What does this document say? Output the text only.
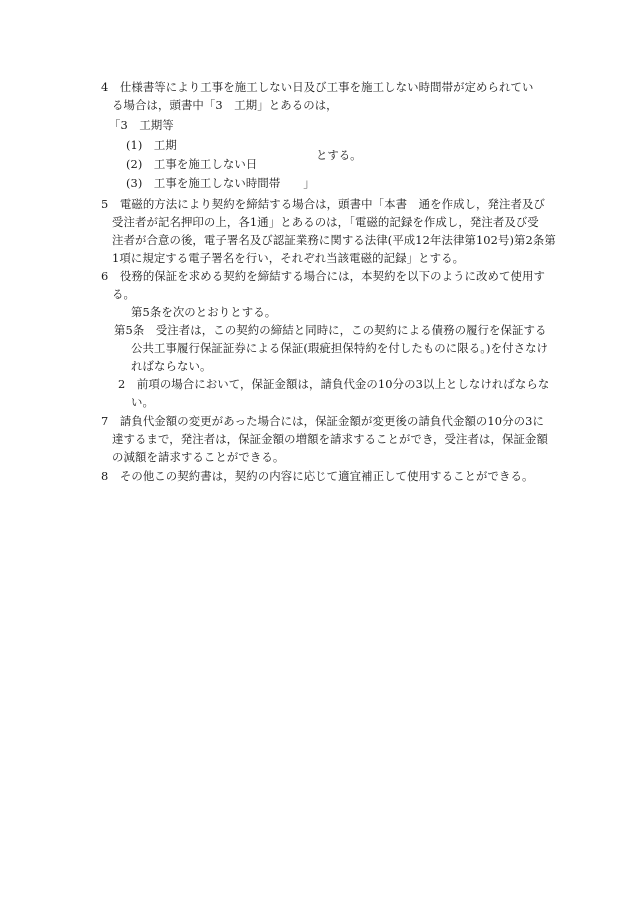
4　仕様書等により工事を施工しない日及び工事を施工しない時間帯が定められてい
る場合は，頭書中「3　工期」とあるのは，
「3　工期等
(1)　工期
(2)　工事を施工しない日
(3)　工事を施工しない時間帯　　」
とする。
5　電磁的方法により契約を締結する場合は，頭書中「本書　通を作成し，発注者及び
受注者が記名押印の上，各1通」とあるのは，「電磁的記録を作成し，発注者及び受
注者が合意の後，電子署名及び認証業務に関する法律(平成12年法律第102号)第2条第
1項に規定する電子署名を行い，それぞれ当該電磁的記録」とする。
6　役務的保証を求める契約を締結する場合には，本契約を以下のように改めて使用す
る。
第5条を次のとおりとする。
第5条　受注者は，この契約の締結と同時に，この契約による債務の履行を保証する
公共工事履行保証証券による保証(瑕疵担保特約を付したものに限る。)を付さなけ
ればならない。
2　前項の場合において，保証金額は，請負代金の10分の3以上としなければならな
い。
7　請負代金額の変更があった場合には，保証金額が変更後の請負代金額の10分の3に
達するまで，発注者は，保証金額の増額を請求することができ，受注者は，保証金額
の減額を請求することができる。
8　その他この契約書は，契約の内容に応じて適宜補正して使用することができる。
